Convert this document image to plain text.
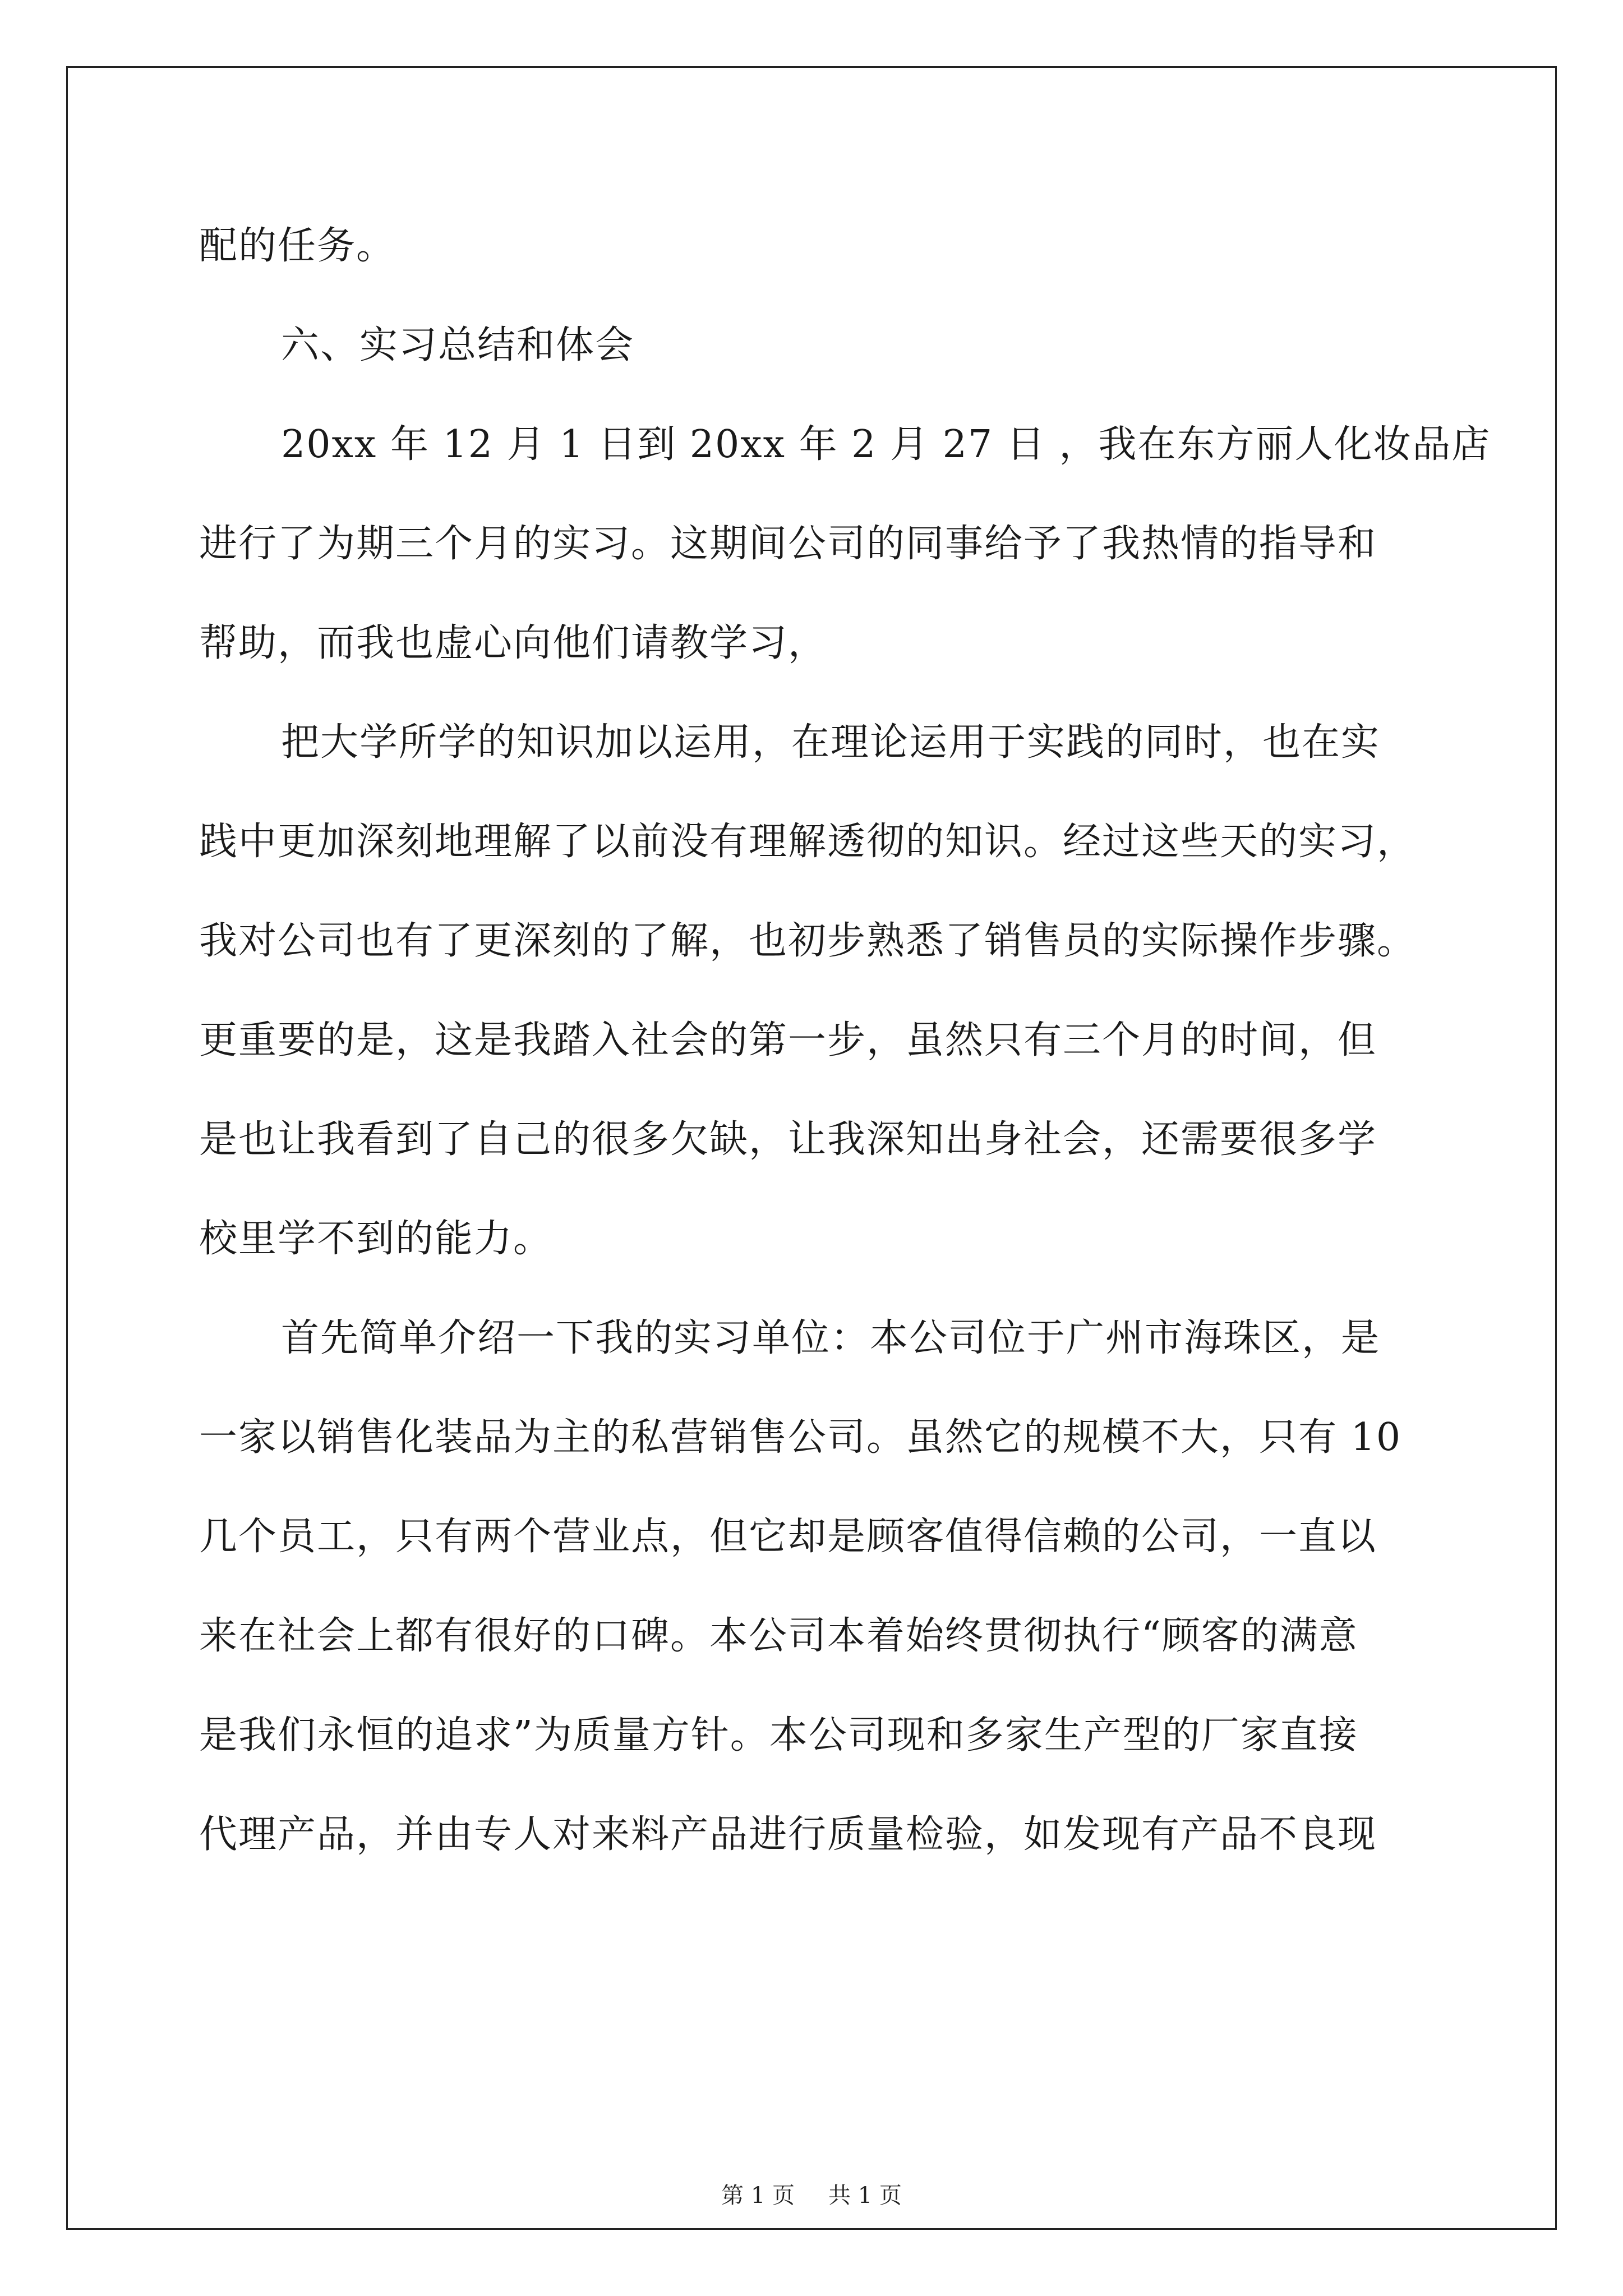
配的任务。
六、实习总结和体会
20xx 年 12 月 1 日到 20xx 年 2 月 27 日 ，我在东方丽人化妆品店
进行了为期三个月的实习。这期间公司的同事给予了我热情的指导和
帮助，而我也虚心向他们请教学习，
把大学所学的知识加以运用，在理论运用于实践的同时，也在实
践中更加深刻地理解了以前没有理解透彻的知识。经过这些天的实习，
我对公司也有了更深刻的了解，也初步熟悉了销售员的实际操作步骤。
更重要的是，这是我踏入社会的第一步，虽然只有三个月的时间，但
是也让我看到了自己的很多欠缺，让我深知出身社会，还需要很多学
校里学不到的能力。
首先简单介绍一下我的实习单位：本公司位于广州市海珠区，是
一家以销售化装品为主的私营销售公司。虽然它的规模不大，只有 10
几个员工，只有两个营业点，但它却是顾客值得信赖的公司，一直以
来在社会上都有很好的口碑。本公司本着始终贯彻执行“顾客的满意
是我们永恒的追求”为质量方针。本公司现和多家生产型的厂家直接
代理产品，并由专人对来料产品进行质量检验，如发现有产品不良现
第 1 页 共 1 页
